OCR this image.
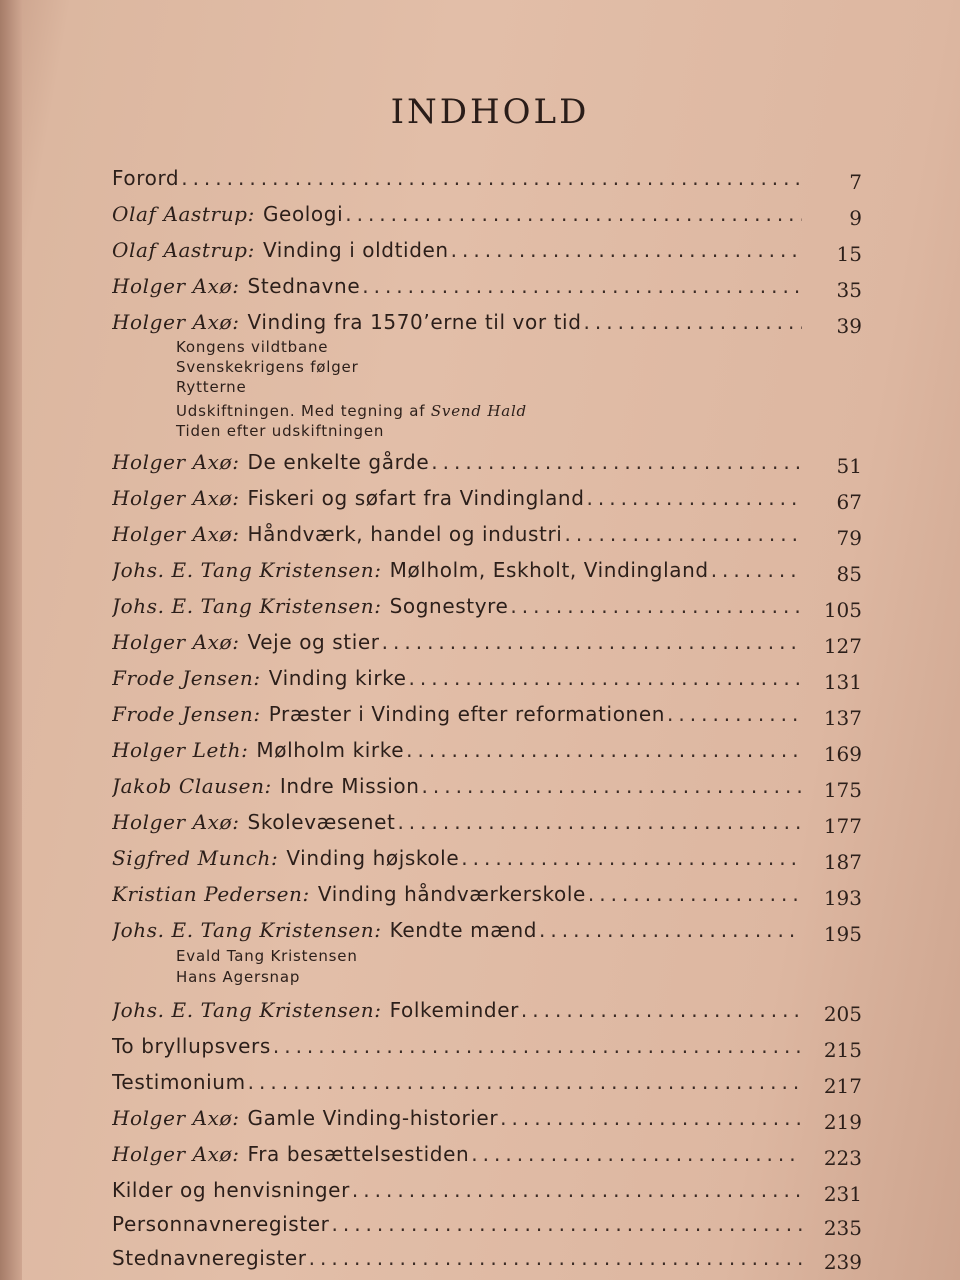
INDHOLD
Forord .....	7
Olaf Aastrup: Geologi .....	9
Olaf Aastrup: Vinding i oldtiden .....	15
Holger Axø: Stednavne .....	35
Holger Axø: Vinding fra 1570’erne til vor tid .....	39
Kongens vildtbane
Svenskekrigens følger
Rytterne
Udskiftningen. Med tegning af Svend Hald
Tiden efter udskiftningen
Holger Axø: De enkelte gårde .....	51
Holger Axø: Fiskeri og søfart fra Vindingland .....	67
Holger Axø: Håndværk, handel og industri .....	79
Johs. E. Tang Kristensen: Mølholm, Eskholt, Vindingland .....	85
Johs. E. Tang Kristensen: Sognestyre .....	105
Holger Axø: Veje og stier .....	127
Frode Jensen: Vinding kirke .....	131
Frode Jensen: Præster i Vinding efter reformationen .....	137
Holger Leth: Mølholm kirke .....	169
Jakob Clausen: Indre Mission .....	175
Holger Axø: Skolevæsenet .....	177
Sigfred Munch: Vinding højskole .....	187
Kristian Pedersen: Vinding håndværkerskole .....	193
Johs. E. Tang Kristensen: Kendte mænd .....	195
Evald Tang Kristensen
Hans Agersnap
Johs. E. Tang Kristensen: Folkeminder .....	205
To bryllupsvers .....	215
Testimonium .....	217
Holger Axø: Gamle Vinding-historier .....	219
Holger Axø: Fra besættelsestiden .....	223
Kilder og henvisninger .....	231
Personnavneregister .....	235
Stednavneregister .....	239
